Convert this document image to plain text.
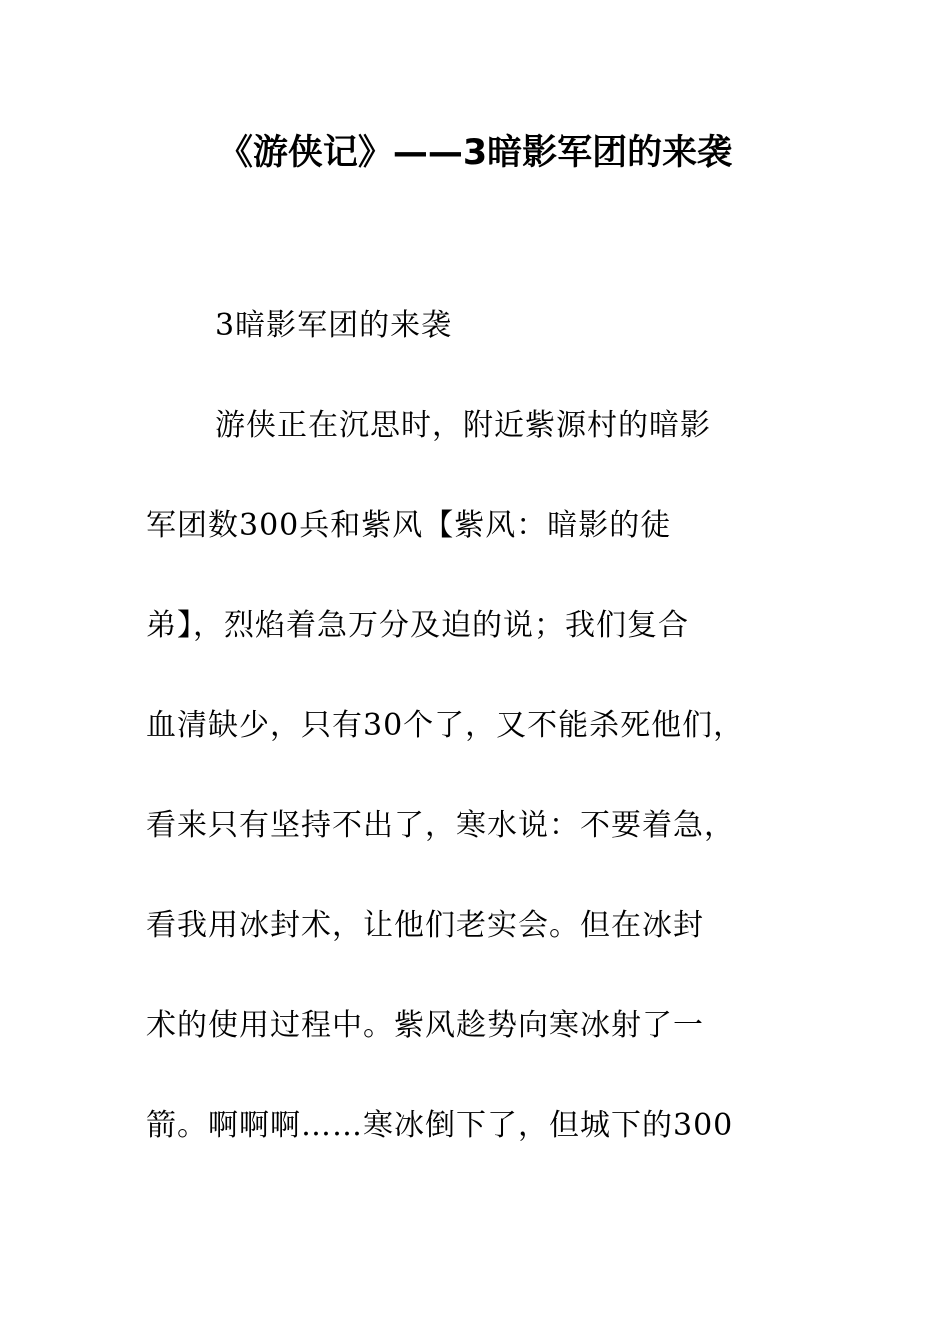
《游侠记》——3暗影军团的来袭
3暗影军团的来袭
游侠正在沉思时，附近紫源村的暗影
军团数300兵和紫风【紫风：暗影的徒
弟】，烈焰着急万分及迫的说；我们复合
血清缺少，只有30个了，又不能杀死他们，
看来只有坚持不出了，寒水说：不要着急，
看我用冰封术，让他们老实会。但在冰封
术的使用过程中。紫风趁势向寒冰射了一
箭。啊啊啊……寒冰倒下了，但城下的300
